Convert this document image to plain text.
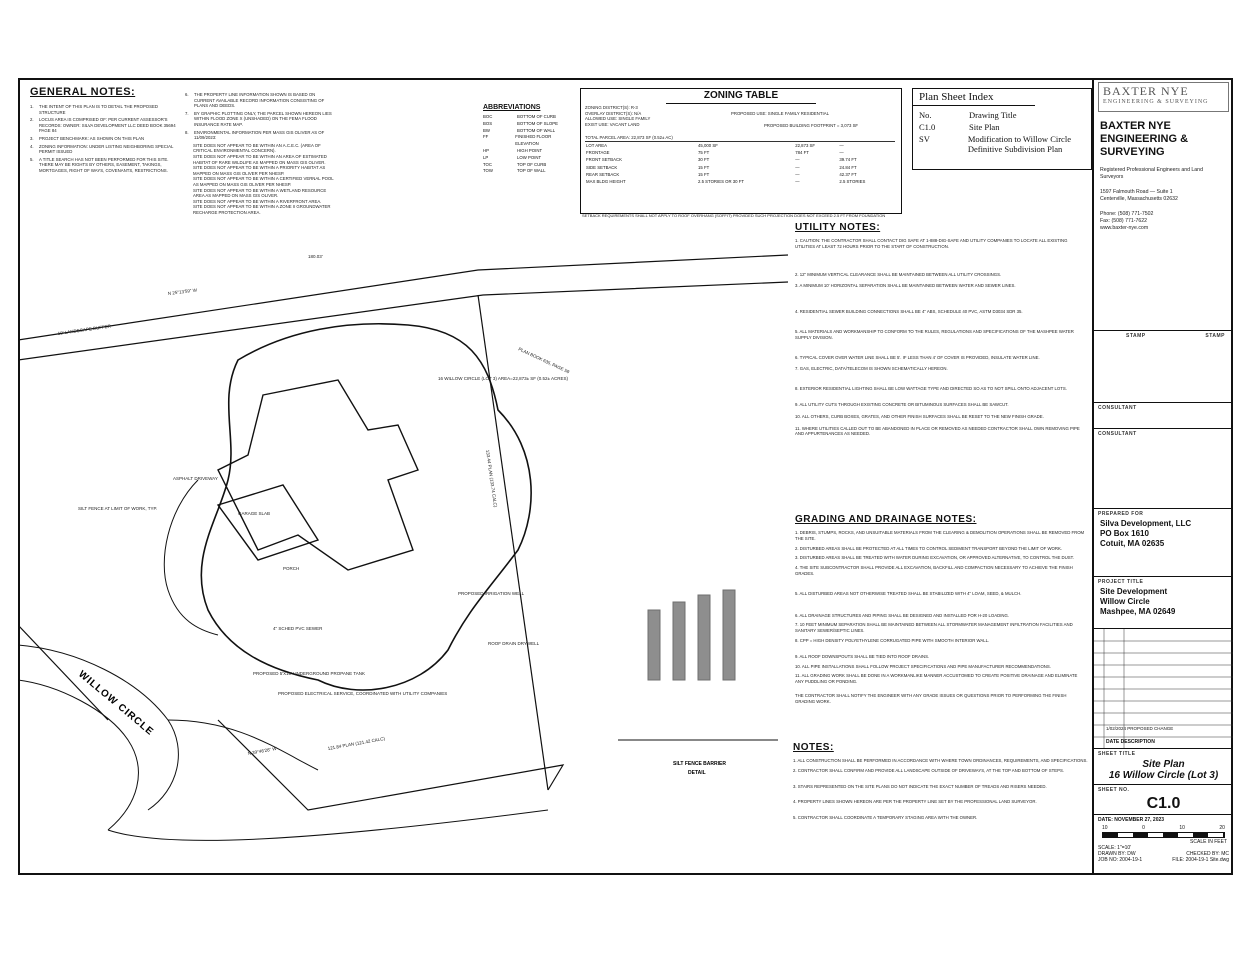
GENERAL NOTES:
1.	THE INTENT OF THIS PLAN IS TO DETAIL THE PROPOSED STRUCTURE
2.	LOCUS AREA IS COMPRISED OF: PER CURRENT ASSESSOR'S RECORDS: OWNER: SILVA DEVELOPMENT LLC DEED BOOK 35694 PAGE 84
3.	PROJECT BENCHMARK: AS SHOWN ON THIS PLAN
4.	ZONING INFORMATION: UNDER LISTING NEIGHBORING SPECIAL PERMIT ISSUED
5.	A TITLE SEARCH HAS NOT BEEN PERFORMED FOR THIS SITE. THERE MAY BE RIGHTS BY OTHERS, EASEMENT, TAKINGS, MORTGAGES, RIGHT OF WAYS, COVENANTS, RESTRICTIONS.
6.	THE PROPERTY LINE INFORMATION SHOWN IS BASED ON CURRENT AVAILABLE RECORD INFORMATION CONSISTING OF PLANS AND DEEDS.
7.	BY GRAPHIC PLOTTING ONLY, THE PARCEL SHOWN HEREON LIES WITHIN FLOOD ZONE X (UNSHADED) ON THE FEMA FLOOD INSURANCE RATE MAP.
8.	ENVIRONMENTAL INFORMATION PER MASS GIS OLIVER AS OF 11/09/2023:
SITE DOES NOT APPEAR TO BE WITHIN AN A.C.E.C. (AREA OF CRITICAL ENVIRONMENTAL CONCERN).
SITE DOES NOT APPEAR TO BE WITHIN AN AREA OF ESTIMATED HABITAT OF RARE WILDLIFE AS MAPPED ON MASS GIS OLIVER.
SITE DOES NOT APPEAR TO BE WITHIN A PRIORITY HABITAT AS MAPPED ON MASS GIS OLIVER PER NHESP.
SITE DOES NOT APPEAR TO BE WITHIN A CERTIFIED VERNAL POOL AS MAPPED ON MASS GIS OLIVER PER NHESP.
SITE DOES NOT APPEAR TO BE WITHIN A WETLAND RESOURCE AREA AS MAPPED ON MASS GIS OLIVER.
SITE DOES NOT APPEAR TO BE WITHIN A RIVERFRONT AREA.
SITE DOES NOT APPEAR TO BE WITHIN A ZONE II GROUNDWATER RECHARGE PROTECTION AREA.
ABBREVIATIONS
BOC	BOTTOM OF CURB
BOS	BOTTOM OF SLOPE
BW	BOTTOM OF WALL
FF	FINISHED FLOOR ELEVATION
HP	HIGH POINT
LP	LOW POINT
TOC	TOP OF CURB
TOW	TOP OF WALL
ZONING TABLE
ZONING DISTRICT(S): R-3
OVERLAY DISTRICT(S): N/A
ALLOWED USE: SINGLE FAMILY
EXIST USE: VACANT LAND
PROPOSED USE: SINGLE FAMILY RESIDENTIAL
PROPOSED BUILDING FOOTPRINT = 3,073 SF
TOTAL PARCEL AREA: 22,873 SF (0.52± AC)
LOT AREA	45,000 SF	22,873 SF	—
FRONTAGE	75 FT	784 FT	—
FRONT SETBACK	30 FT	—	39.74 FT
SIDE SETBACK	15 FT	—	24.84 FT
REAR SETBACK	15 FT	—	42.37 FT
MAX BLDG HEIGHT	2.5 STORIES OR 30 FT	—	2.5 STORIES
SETBACK REQUIREMENTS SHALL NOT APPLY TO ROOF OVERHANG (SOFFIT) PROVIDED SUCH PROJECTION DOES NOT EXCEED 2.5 FT FROM FOUNDATION
Plan Sheet Index
No.	Drawing Title
C1.0	Site Plan
SV	Modification to Willow Circle Definitive Subdivision Plan
UTILITY NOTES:
1. CAUTION: THE CONTRACTOR SHALL CONTACT DIG SAFE AT 1-888-DIG-SAFE AND UTILITY COMPANIES TO LOCATE ALL EXISTING UTILITIES AT LEAST 72 HOURS PRIOR TO THE START OF CONSTRUCTION.
2. 12" MINIMUM VERTICAL CLEARANCE SHALL BE MAINTAINED BETWEEN ALL UTILITY CROSSINGS.
3. A MINIMUM 10' HORIZONTAL SEPARATION SHALL BE MAINTAINED BETWEEN WATER AND SEWER LINES.
4. RESIDENTIAL SEWER BUILDING CONNECTIONS SHALL BE 4" ABS, SCHEDULE 40 PVC, ASTM D3034 SDR 35.
5. ALL MATERIALS AND WORKMANSHIP TO CONFORM TO THE RULES, REGULATIONS AND SPECIFICATIONS OF THE MASHPEE WATER SUPPLY DIVISION.
6. TYPICAL COVER OVER WATER LINE SHALL BE 5'. IF LESS THAN 4' OF COVER IS PROVIDED, INSULATE WATER LINE.
7. GAS, ELECTRIC, DATA/TELECOM IS SHOWN SCHEMATICALLY HEREON.
8. EXTERIOR RESIDENTIAL LIGHTING SHALL BE LOW WATTAGE TYPE AND DIRECTED SO AS TO NOT SPILL ONTO ADJACENT LOTS.
9. ALL UTILITY CUTS THROUGH EXISTING CONCRETE OR BITUMINOUS SURFACES SHALL BE SAWCUT.
10. ALL OTHERS, CURB BOXES, GRATES, AND OTHER FINISH SURFACES SHALL BE RESET TO THE NEW FINISH GRADE.
11. WHERE UTILITIES CALLED OUT TO BE ABANDONED IN PLACE OR REMOVED AS NEEDED CONTRACTOR SHALL OWN REMOVING PIPE AND APPURTENANCES AS NEEDED.
GRADING AND DRAINAGE NOTES:
1. DEBRIS, STUMPS, ROCKS, AND UNSUITABLE MATERIALS FROM THE CLEARING & DEMOLITION OPERATIONS SHALL BE REMOVED FROM THE SITE.
2. DISTURBED AREAS SHALL BE PROTECTED AT ALL TIMES TO CONTROL SEDIMENT TRANSPORT BEYOND THE LIMIT OF WORK.
3. DISTURBED AREAS SHALL BE TREATED WITH WATER DURING EXCAVATION, OR APPROVED ALTERNATIVE, TO CONTROL THE DUST.
4. THE SITE SUBCONTRACTOR SHALL PROVIDE ALL EXCAVATION, BACKFILL AND COMPACTION NECESSARY TO ACHIEVE THE FINISH GRADES.
5. ALL DISTURBED AREAS NOT OTHERWISE TREATED SHALL BE STABILIZED WITH 4" LOAM, SEED, & MULCH.
6. ALL DRAINAGE STRUCTURES AND PIPING SHALL BE DESIGNED AND INSTALLED FOR H-20 LOADING.
7. 10 FEET MINIMUM SEPARATION SHALL BE MAINTAINED BETWEEN ALL STORMWATER MANAGEMENT INFILTRATION FACILITIES AND SANITARY SEWER/SEPTIC LINES.
8. CPP = HIGH DENSITY POLYETHYLENE CORRUGATED PIPE WITH SMOOTH INTERIOR WALL.
9. ALL ROOF DOWNSPOUTS SHALL BE TIED INTO ROOF DRAINS.
10. ALL PIPE INSTALLATIONS SHALL FOLLOW PROJECT SPECIFICATIONS AND PIPE MANUFACTURER RECOMMENDATIONS.
11. ALL GRADING WORK SHALL BE DONE IN A WORKMANLIKE MANNER ACCUSTOMED TO CREATE POSITIVE DRAINAGE AND ELIMINATE ANY PUDDLING OR PONDING.
THE CONTRACTOR SHALL NOTIFY THE ENGINEER WITH ANY GRADE ISSUES OR QUESTIONS PRIOR TO PERFORMING THE FINISH GRADING WORK.
NOTES:
1. ALL CONSTRUCTION SHALL BE PERFORMED IN ACCORDANCE WITH WHERE TOWN ORDINANCES, REQUIREMENTS, AND SPECIFICATIONS.
2. CONTRACTOR SHALL CONFIRM AND PROVIDE ALL LANDSCAPE OUTSIDE OF DRIVEWAYS, AT THE TOP AND BOTTOM OF STEPS.
3. STAIRS REPRESENTED ON THE SITE PLANS DO NOT INDICATE THE EXACT NUMBER OF TREADS AND RISERS NEEDED.
4. PROPERTY LINES SHOWN HEREON ARE PER THE PROPERTY LINE SET BY THE PROFESSIONAL LAND SURVEYOR.
5. CONTRACTOR SHALL COORDINATE A TEMPORARY STAGING AREA WITH THE OWNER.
N 25°13'59" W
180.03'
10' LANDSCAPE BUFFER
WILLOW CIRCLE
N 39°46'26" W	121.84 PLAN (121.42 CALC)
133.44 PLAN (133.74 CALC)
16 WILLOW CIRCLE (LOT 3) AREA=22,873± SF (0.52± ACRES)
PLAN BOOK 635, PAGE 59
ASPHALT DRIVEWAY
GARAGE SLAB
PORCH
PROPOSED IRRIGATION WELL
PROPOSED 5'X10' UNDERGROUND PROPANE TANK
PROPOSED ELECTRICAL SERVICE, COORDINATED WITH UTILITY COMPANIES
4" SCHED PVC SEWER
ROOF DRAIN DRYWELL
SILT FENCE AT LIMIT OF WORK, TYP.
SILT FENCE BARRIER
DETAIL
BAXTER NYE
ENGINEERING & SURVEYING
BAXTER NYE
ENGINEERING &
SURVEYING
Registered Professional Engineers and Land Surveyors
1597 Falmouth Road — Suite 1
Centerville, Massachusetts 02632
Phone: (508) 771-7502
Fax: (508) 771-7622
www.baxter-nye.com
STAMP	STAMP
CONSULTANT
CONSULTANT
PREPARED FOR
Silva Development, LLC
PO Box 1610
Cotuit, MA 02635
PROJECT TITLE
Site Development
Willow Circle
Mashpee, MA 02649
1/02/2024 PROPOSED CHANGE
DATE DESCRIPTION
SHEET TITLE
Site Plan
16 Willow Circle (Lot 3)
SHEET NO.
C1.0
DATE: NOVEMBER 27, 2023
10	0	10	20
SCALE IN FEET
SCALE: 1"=10'
DRAWN BY: DW	CHECKED BY: MC
JOB NO: 2004-19-1	FILE: 2004-19-1 Site.dwg
